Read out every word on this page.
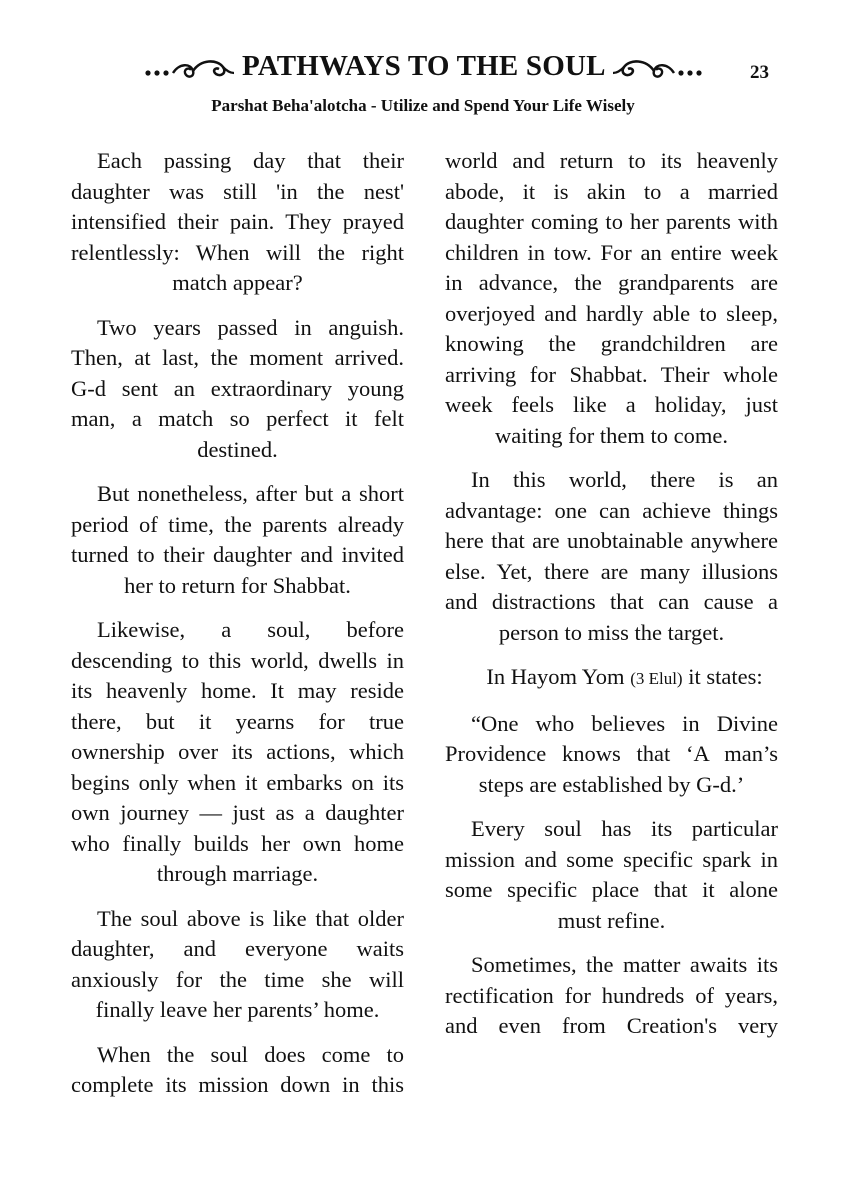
PATHWAYS TO THE SOUL	23
Parshat Beha'alotcha - Utilize and Spend Your Life Wisely

Each passing day that their daughter was still 'in the nest' intensified their pain. They prayed relentlessly: When will the right match appear?

Two years passed in anguish. Then, at last, the moment arrived. G-d sent an extraordinary young man, a match so perfect it felt destined.

But nonetheless, after but a short period of time, the parents already turned to their daughter and invited her to return for Shabbat.

Likewise, a soul, before descending to this world, dwells in its heavenly home. It may reside there, but it yearns for true ownership over its actions, which begins only when it embarks on its own journey — just as a daughter who finally builds her own home through marriage.

The soul above is like that older daughter, and everyone waits anxiously for the time she will finally leave her parents’ home.

When the soul does come to complete its mission down in this

world and return to its heavenly abode, it is akin to a married daughter coming to her parents with children in tow. For an entire week in advance, the grandparents are overjoyed and hardly able to sleep, knowing the grandchildren are arriving for Shabbat. Their whole week feels like a holiday, just waiting for them to come.

In this world, there is an advantage: one can achieve things here that are unobtainable anywhere else. Yet, there are many illusions and distractions that can cause a person to miss the target.

In Hayom Yom (3 Elul) it states:

“One who believes in Divine Providence knows that ‘A man’s steps are established by G-d.’

Every soul has its particular mission and some specific spark in some specific place that it alone must refine.

Sometimes, the matter awaits its rectification for hundreds of years, and even from Creation's very
